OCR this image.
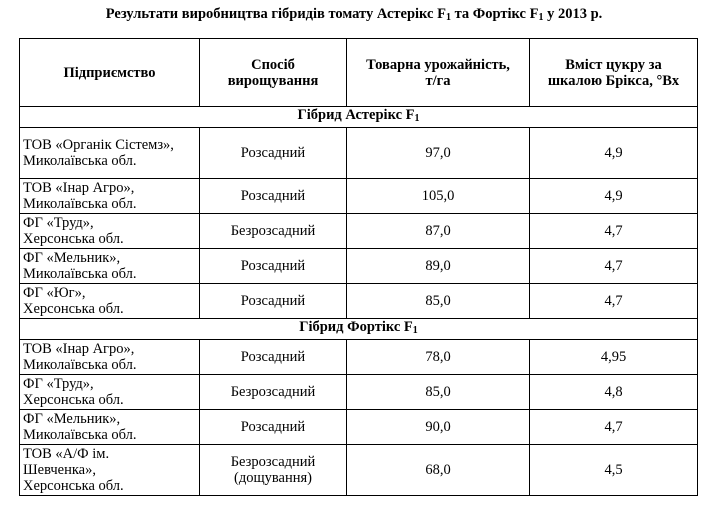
Результати виробництва гібридів томату Астерікс $F_1$ та Фортікс $F_1$ у 2013 р.
Підприємство	Спосіб вирощування	Товарна урожайність, т/га	Вміст цукру за шкалою Брікса, °Bx
Гібрид Астерікс $F_1$
ТОВ «Органік Сістемз», Миколаївська обл.	Розсадний	97,0	4,9
ТОВ «Інар Агро», Миколаївська обл.	Розсадний	105,0	4,9
ФГ «Труд», Херсонська обл.	Безрозсадний	87,0	4,7
ФГ «Мельник», Миколаївська обл.	Розсадний	89,0	4,7
ФГ «Юг», Херсонська обл.	Розсадний	85,0	4,7
Гібрид Фортікс $F_1$
ТОВ «Інар Агро», Миколаївська обл.	Розсадний	78,0	4,95
ФГ «Труд», Херсонська обл.	Безрозсадний	85,0	4,8
ФГ «Мельник», Миколаївська обл.	Розсадний	90,0	4,7
ТОВ «А/Ф ім. Шевченка», Херсонська обл.	Безрозсадний (дощування)	68,0	4,5
